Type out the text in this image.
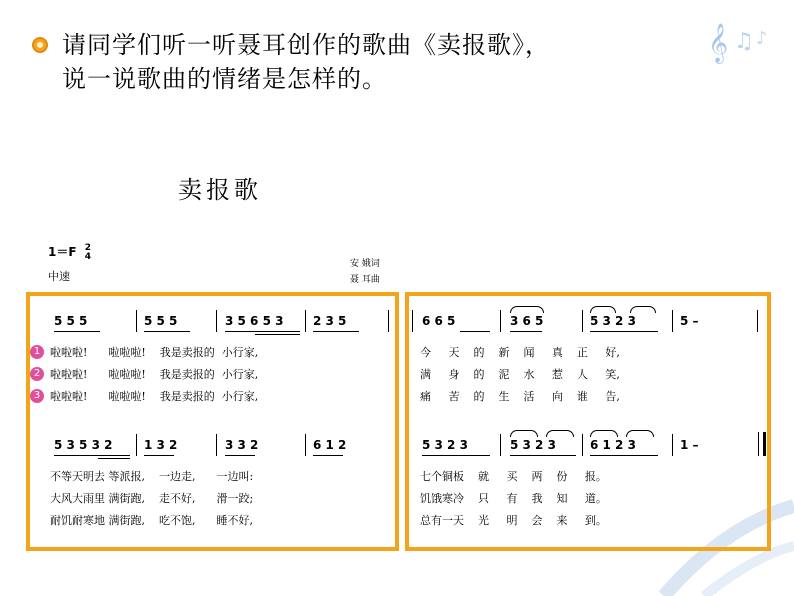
𝄞 ♫ ♪
请同学们听一听聂耳创作的歌曲《卖报歌》，
说一说歌曲的情绪是怎样的。
卖报歌
1＝F 2
4
中速
安 娥词
聂 耳曲
5 5 5	5 5 5	3 5 6 5 3 2 3 5
1
2
3
啦啦啦!      啦啦啦!    我是卖报的  小行家,
啦啦啦!      啦啦啦!    我是卖报的  小行家,
啦啦啦!      啦啦啦!    我是卖报的  小行家,
6 6 5	3 6 5	5 3 2 3	5 –
今     天    的    新    闻     真    正     好,
满     身    的    泥    水     惹    人     笑,
痛     苦    的    生    活     向    谁     告,
5 3 5 3 2	1 3 2	3 3 2	6 1 2
不等天明去 等派报,    一边走,      一边叫:
大风大雨里 满街跑,    走不好,      滑一跤;
耐饥耐寒地 满街跑,    吃不饱,      睡不好,
5 3 2 3	5 3 2 3	6 1 2 3	1 –
七个铜板    就     买    两    份     报。
饥饿寒冷    只     有    我    知     道。
总有一天    光     明    会    来     到。
